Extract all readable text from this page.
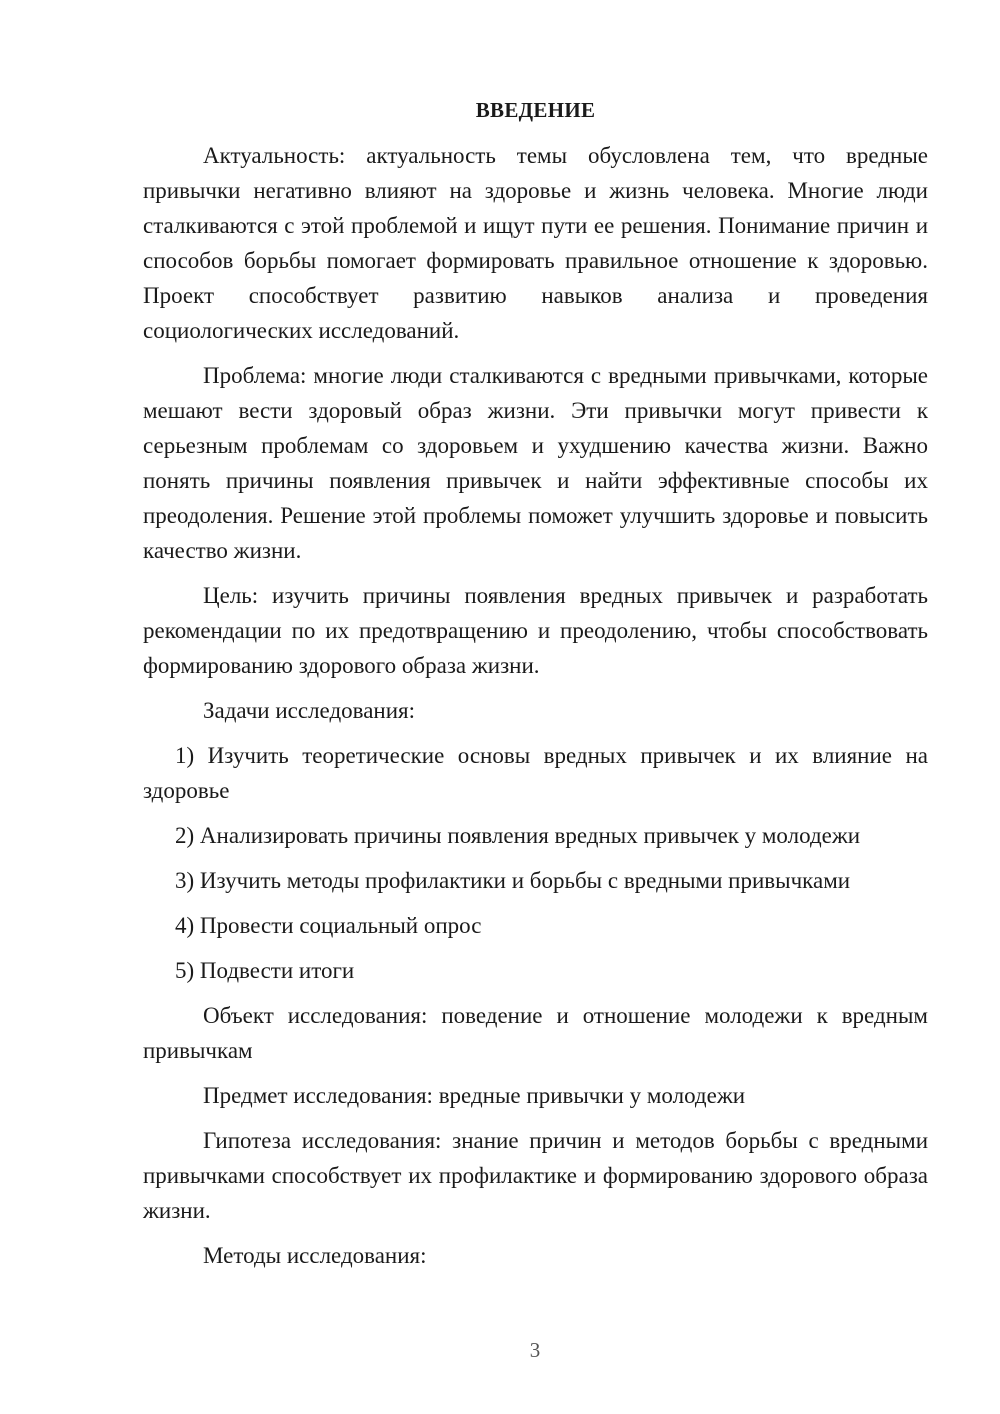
ВВЕДЕНИЕ

Актуальность: актуальность темы обусловлена тем, что вредные привычки негативно влияют на здоровье и жизнь человека. Многие люди сталкиваются с этой проблемой и ищут пути ее решения. Понимание причин и способов борьбы помогает формировать правильное отношение к здоровью. Проект способствует развитию навыков анализа и проведения социологических исследований.

Проблема: многие люди сталкиваются с вредными привычками, которые мешают вести здоровый образ жизни. Эти привычки могут привести к серьезным проблемам со здоровьем и ухудшению качества жизни. Важно понять причины появления привычек и найти эффективные способы их преодоления. Решение этой проблемы поможет улучшить здоровье и повысить качество жизни.

Цель: изучить причины появления вредных привычек и разработать рекомендации по их предотвращению и преодолению, чтобы способствовать формированию здорового образа жизни.

Задачи исследования:

1) Изучить теоретические основы вредных привычек и их влияние на здоровье

2) Анализировать причины появления вредных привычек у молодежи

3) Изучить методы профилактики и борьбы с вредными привычками

4) Провести социальный опрос

5) Подвести итоги

Объект исследования: поведение и отношение молодежи к вредным привычкам

Предмет исследования: вредные привычки у молодежи

Гипотеза исследования: знание причин и методов борьбы с вредными привычками способствует их профилактике и формированию здорового образа жизни.

Методы исследования:

3
